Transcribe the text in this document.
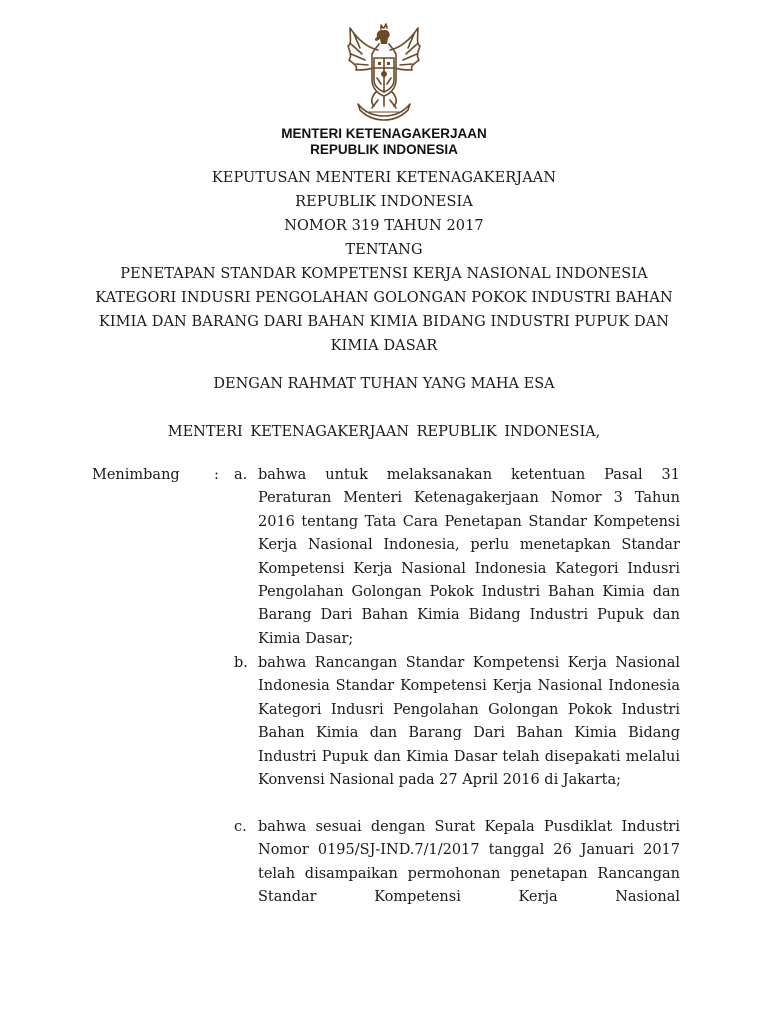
MENTERI KETENAGAKERJAAN
REPUBLIK INDONESIA
KEPUTUSAN MENTERI KETENAGAKERJAAN
REPUBLIK INDONESIA
NOMOR 319 TAHUN 2017
TENTANG
PENETAPAN STANDAR KOMPETENSI KERJA NASIONAL INDONESIA
KATEGORI INDUSRI PENGOLAHAN GOLONGAN POKOK INDUSTRI BAHAN
KIMIA DAN BARANG DARI BAHAN KIMIA BIDANG INDUSTRI PUPUK DAN
KIMIA DASAR
DENGAN RAHMAT TUHAN YANG MAHA ESA
MENTERI KETENAGAKERJAAN REPUBLIK INDONESIA,
Menimbang : a. bahwa untuk melaksanakan ketentuan Pasal 31 Peraturan Menteri Ketenagakerjaan Nomor 3 Tahun 2016 tentang Tata Cara Penetapan Standar Kompetensi Kerja Nasional Indonesia, perlu menetapkan Standar Kompetensi Kerja Nasional Indonesia Kategori Indusri Pengolahan Golongan Pokok Industri Bahan Kimia dan Barang Dari Bahan Kimia Bidang Industri Pupuk dan Kimia Dasar;
b. bahwa Rancangan Standar Kompetensi Kerja Nasional Indonesia Standar Kompetensi Kerja Nasional Indonesia Kategori Indusri Pengolahan Golongan Pokok Industri Bahan Kimia dan Barang Dari Bahan Kimia Bidang Industri Pupuk dan Kimia Dasar telah disepakati melalui Konvensi Nasional pada 27 April 2016 di Jakarta;
c. bahwa sesuai dengan Surat Kepala Pusdiklat Industri Nomor 0195/SJ-IND.7/1/2017 tanggal 26 Januari 2017 telah disampaikan permohonan penetapan Rancangan Standar Kompetensi Kerja Nasional
